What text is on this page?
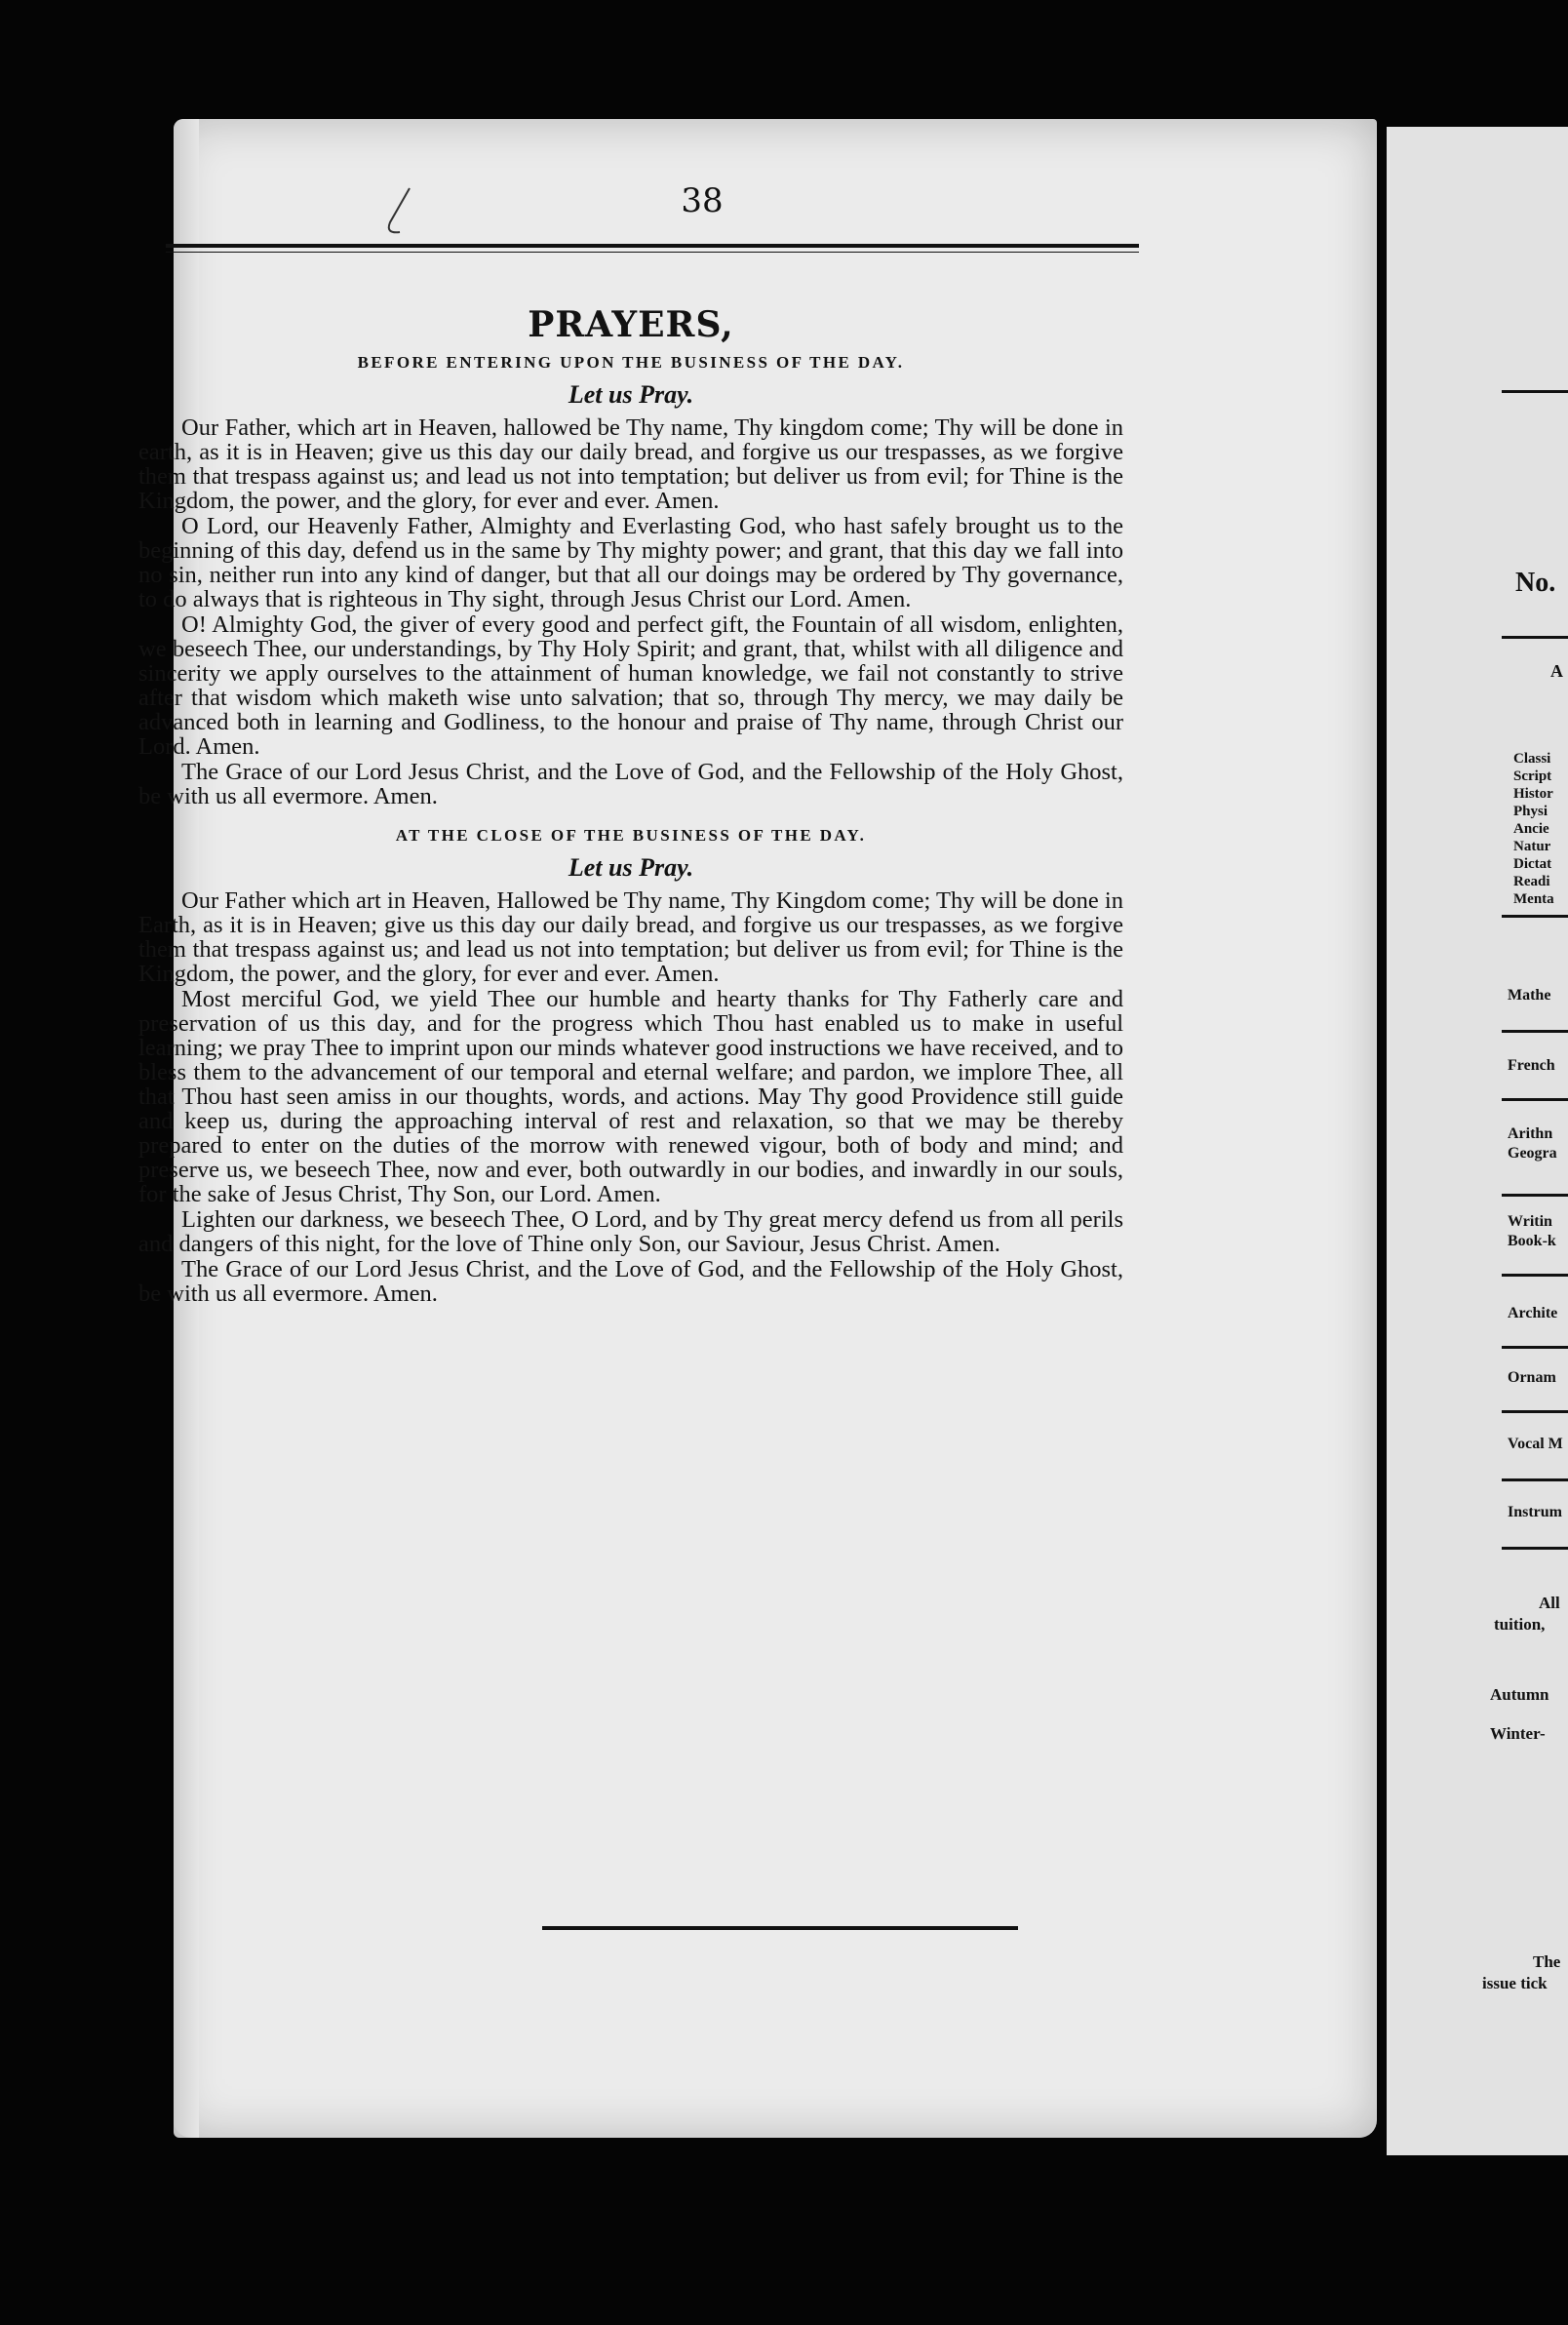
38
PRAYERS,
BEFORE ENTERING UPON THE BUSINESS OF THE DAY.
Let us Pray.

Our Father, which art in Heaven, hallowed be Thy name, Thy kingdom come; Thy will be done in earth, as it is in Heaven; give us this day our daily bread, and forgive us our trespasses, as we forgive them that trespass against us; and lead us not into temptation; but deliver us from evil; for Thine is the Kingdom, the power, and the glory, for ever and ever. Amen.

O Lord, our Heavenly Father, Almighty and Everlasting God, who hast safely brought us to the beginning of this day, defend us in the same by Thy mighty power; and grant, that this day we fall into no sin, neither run into any kind of danger, but that all our doings may be ordered by Thy governance, to do always that is righteous in Thy sight, through Jesus Christ our Lord. Amen.

O! Almighty God, the giver of every good and perfect gift, the Fountain of all wisdom, enlighten, we beseech Thee, our understandings, by Thy Holy Spirit; and grant, that, whilst with all diligence and sincerity we apply ourselves to the attainment of human knowledge, we fail not constantly to strive after that wisdom which maketh wise unto salvation; that so, through Thy mercy, we may daily be advanced both in learning and Godliness, to the honour and praise of Thy name, through Christ our Lord. Amen.

The Grace of our Lord Jesus Christ, and the Love of God, and the Fellowship of the Holy Ghost, be with us all evermore. Amen.

AT THE CLOSE OF THE BUSINESS OF THE DAY.
Let us Pray.

Our Father which art in Heaven, Hallowed be Thy name, Thy Kingdom come; Thy will be done in Earth, as it is in Heaven; give us this day our daily bread, and forgive us our trespasses, as we forgive them that trespass against us; and lead us not into temptation; but deliver us from evil; for Thine is the Kingdom, the power, and the glory, for ever and ever. Amen.

Most merciful God, we yield Thee our humble and hearty thanks for Thy Fatherly care and preservation of us this day, and for the progress which Thou hast enabled us to make in useful learning; we pray Thee to imprint upon our minds whatever good instructions we have received, and to bless them to the advancement of our temporal and eternal welfare; and pardon, we implore Thee, all that Thou hast seen amiss in our thoughts, words, and actions. May Thy good Providence still guide and keep us, during the approaching interval of rest and relaxation, so that we may be thereby prepared to enter on the duties of the morrow with renewed vigour, both of body and mind; and preserve us, we beseech Thee, now and ever, both outwardly in our bodies, and inwardly in our souls, for the sake of Jesus Christ, Thy Son, our Lord. Amen.

Lighten our darkness, we beseech Thee, O Lord, and by Thy great mercy defend us from all perils and dangers of this night, for the love of Thine only Son, our Saviour, Jesus Christ. Amen.

The Grace of our Lord Jesus Christ, and the Love of God, and the Fellowship of the Holy Ghost, be with us all evermore. Amen.

No.
A
Classi
Script
Histor
Physi
Ancie
Natur
Dictat
Readi
Menta
Mathe
French
Arithn
Geogra
Writin
Book-k
Archite
Ornam
Vocal M
Instrum
All
tuition,
Autumn
Winter-
The
issue tick
